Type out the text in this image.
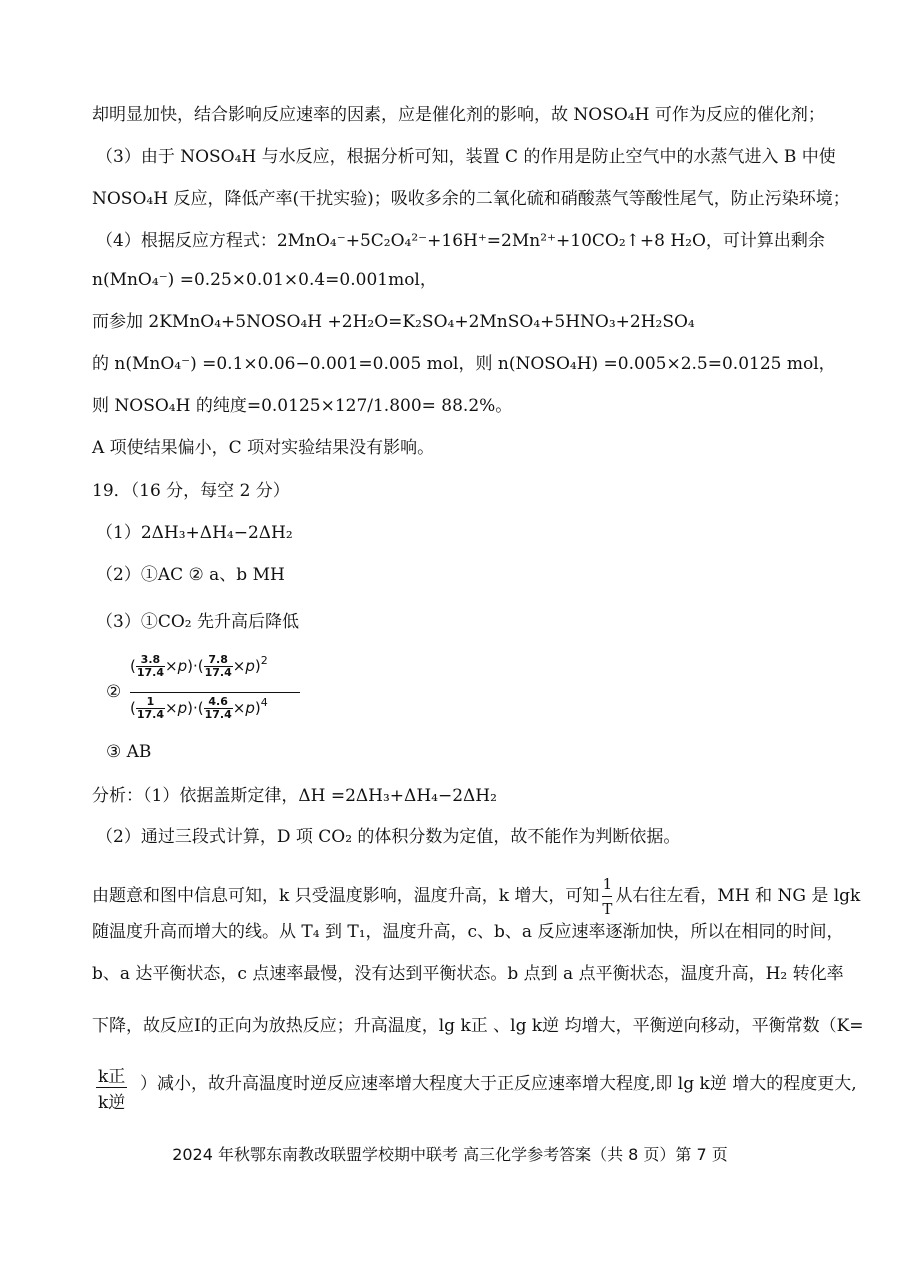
却明显加快，结合影响反应速率的因素，应是催化剂的影响，故 NOSO₄H 可作为反应的催化剂；
（3）由于 NOSO₄H 与水反应，根据分析可知，装置 C 的作用是防止空气中的水蒸气进入 B 中使
NOSO₄H 反应，降低产率(干扰实验)；吸收多余的二氧化硫和硝酸蒸气等酸性尾气，防止污染环境；
（4）根据反应方程式：2MnO₄⁻+5C₂O₄²⁻+16H⁺=2Mn²⁺+10CO₂↑+8 H₂O，可计算出剩余
n(MnO₄⁻) =0.25×0.01×0.4=0.001mol，
而参加 2KMnO₄+5NOSO₄H +2H₂O=K₂SO₄+2MnSO₄+5HNO₃+2H₂SO₄
的 n(MnO₄⁻) =0.1×0.06−0.001=0.005 mol，则 n(NOSO₄H) =0.005×2.5=0.0125 mol，
则 NOSO₄H 的纯度=0.0125×127/1.800= 88.2%。
A 项使结果偏小，C 项对实验结果没有影响。
19．（16 分，每空 2 分）
（1）2ΔH₃+ΔH₄−2ΔH₂
（2）①AC ② a、b MH
（3）①CO₂ 先升高后降低
②
( $\frac{3.8}{17.4} \times p)\cdot( \frac{7.8}{17.4} \times p)^2$
( $\frac{1}{17.4} \times p)\cdot( \frac{4.6}{17.4} \times p)^4$
③ AB
分析：（1）依据盖斯定律，ΔH =2ΔH₃+ΔH₄−2ΔH₂
（2）通过三段式计算，D 项 CO₂ 的体积分数为定值，故不能作为判断依据。
由题意和图中信息可知，k 只受温度影响，温度升高，k 增大，可知 $\frac{1}{T}$ 从右往左看，MH 和 NG 是 lgk
随温度升高而增大的线。从 T₄ 到 T₁，温度升高，c、b、a 反应速率逐渐加快，所以在相同的时间，
b、a 达平衡状态，c 点速率最慢，没有达到平衡状态。b 点到 a 点平衡状态，温度升高，H₂ 转化率
下降，故反应Ⅰ的正向为放热反应；升高温度，lg k正 、lg k逆 均增大，平衡逆向移动，平衡常数（K=
$\frac{\text{k正}}{\text{k逆}}$ ）减小，故升高温度时逆反应速率增大程度大于正反应速率增大程度,即 lg k逆 增大的程度更大,
2024 年秋鄂东南教改联盟学校期中联考 高三化学参考答案（共 8 页）第 7 页
